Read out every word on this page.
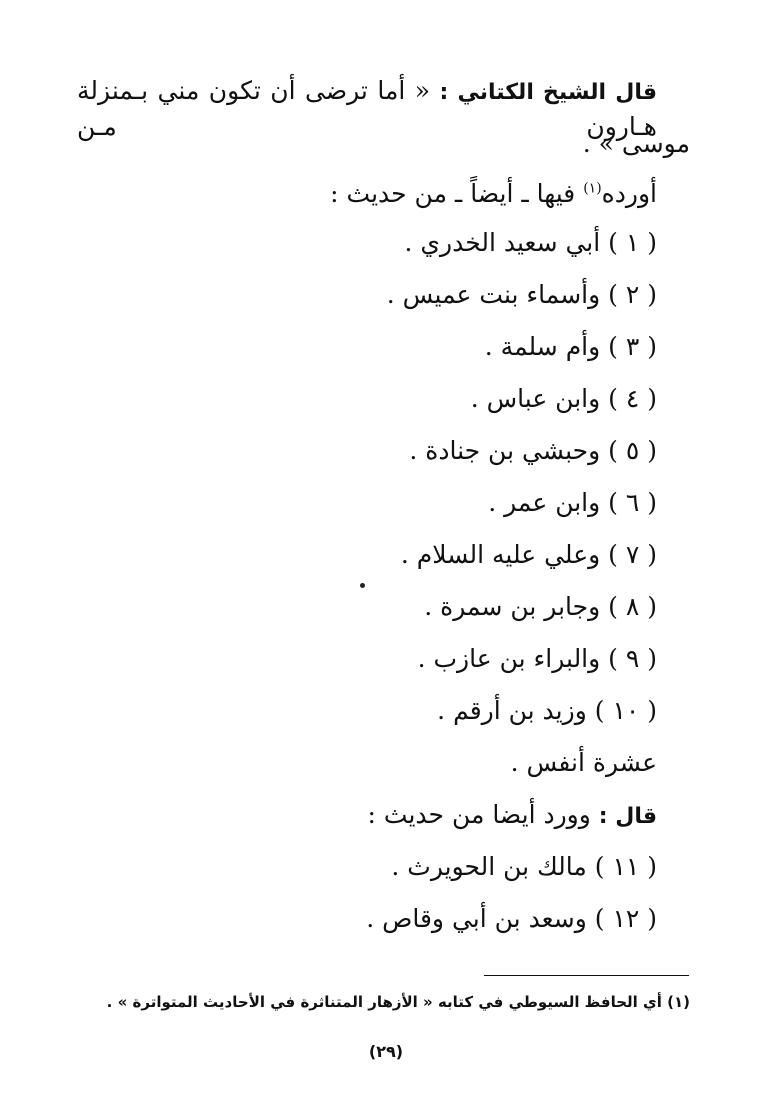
قال الشيخ الكتاني : « أما ترضى أن تكون مني بـمنزلة هـارون مـن
موسى » .
أورده$^{(١)}$ فيها ـ أيضاً ـ من حديث :
( ١ ) أبي سعيد الخدري .
( ٢ ) وأسماء بنت عميس .
( ٣ ) وأم سلمة .
( ٤ ) وابن عباس .
( ٥ ) وحبشي بن جنادة .
( ٦ ) وابن عمر .
( ٧ ) وعلي عليه السلام .
( ٨ ) وجابر بن سمرة .
( ٩ ) والبراء بن عازب .
( ١٠ ) وزيد بن أرقم .
عشرة أنفس .
قال : وورد أيضا من حديث :
( ١١ ) مالك بن الحويرث .
( ١٢ ) وسعد بن أبي وقاص .
(١) أي الحافظ السيوطي في كتابه « الأزهار المتناثرة في الأحاديث المتواترة » .
(٢٩)
